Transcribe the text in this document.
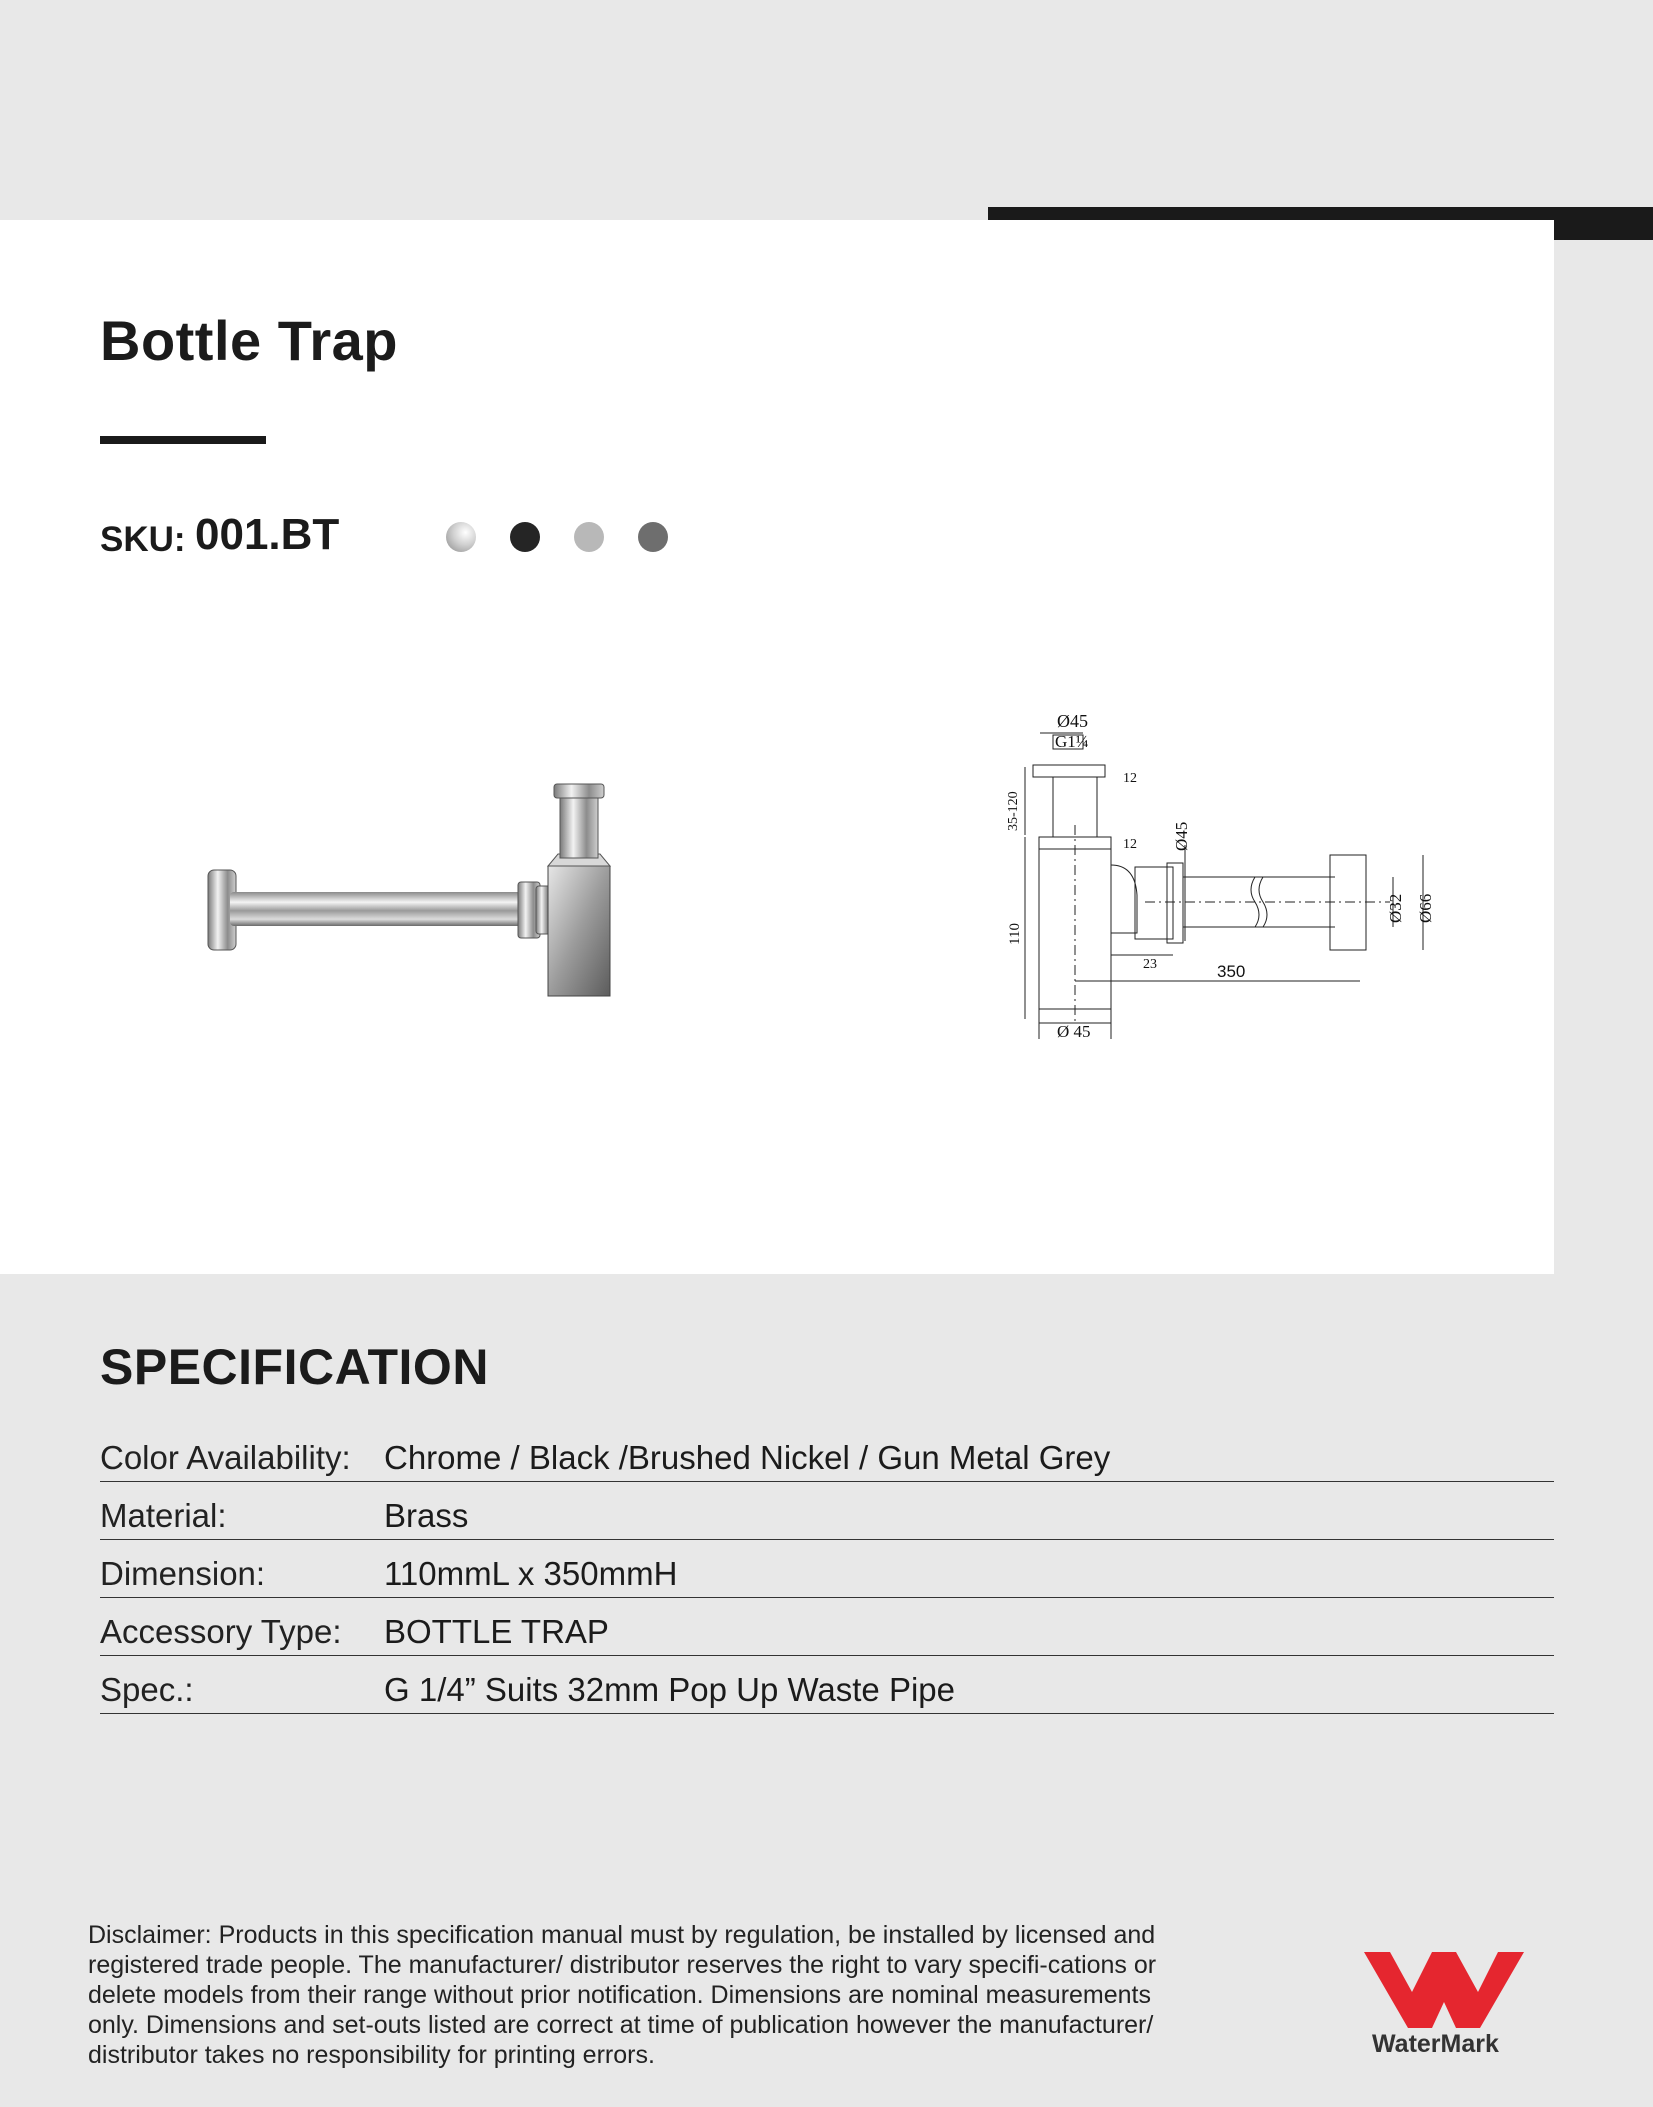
Bottle Trap
SKU: 001.BT
Ø45
G1¼
12
35-120
12 Ø45
Ø32 Ø66
110
23	350
Ø 45
SPECIFICATION
Color Availability: Chrome / Black /Brushed Nickel / Gun Metal Grey
Material:	Brass
Dimension:	110mmL x 350mmH
Accessory Type: BOTTLE TRAP
Spec.:	G 1/4” Suits 32mm Pop Up Waste Pipe

Disclaimer: Products in this specification manual must by regulation, be installed by licensed and registered trade people. The manufacturer/ distributor reserves the right to vary specifi-cations or delete models from their range without prior notification. Dimensions are nominal measurements only. Dimensions and set-outs listed are correct at time of publication however the manufacturer/ distributor takes no responsibility for printing errors.	WaterMark
